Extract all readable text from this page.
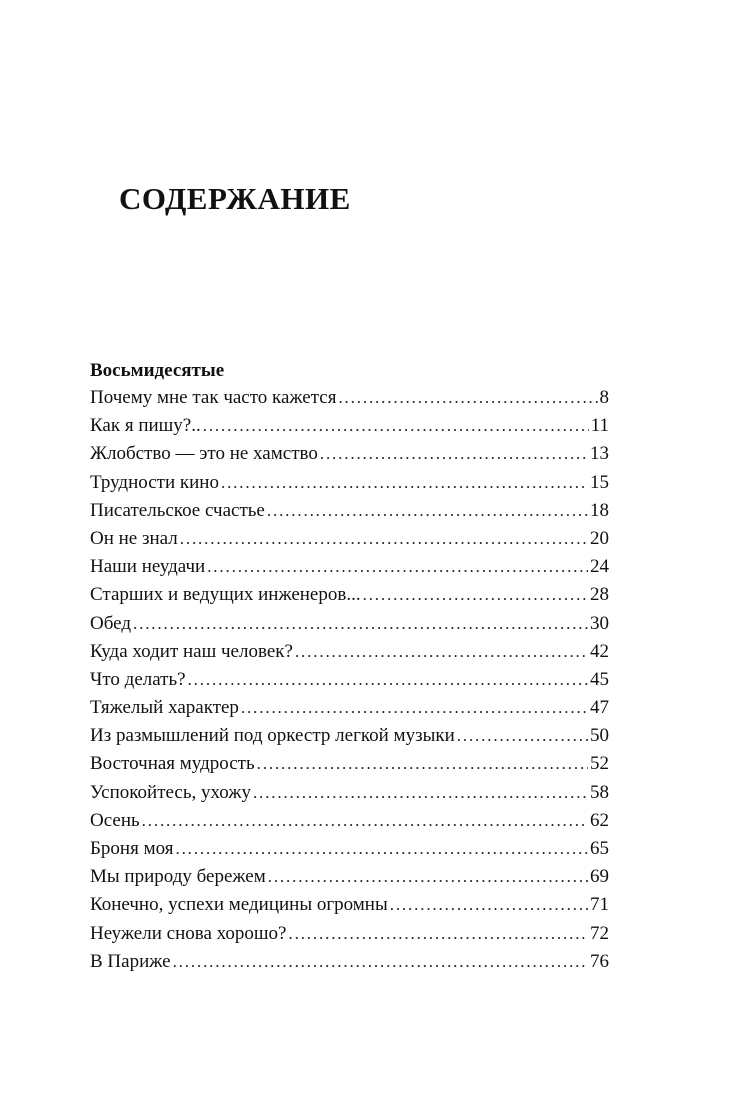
СОДЕРЖАНИЕ
Восьмидесятые
Почему мне так часто кажется . . .	8
Как я пишу?.. . . .	11
Жлобство — это не хамство . . .	13
Трудности кино . . .	15
Писательское счастье . . .	18
Он не знал . . .	20
Наши неудачи . . .	24
Старших и ведущих инженеров... . . .	28
Обед . . .	30
Куда ходит наш человек? . . .	42
Что делать? . . .	45
Тяжелый характер . . .	47
Из размышлений под оркестр легкой музыки . . .	50
Восточная мудрость . . .	52
Успокойтесь, ухожу . . .	58
Осень . . .	62
Броня моя . . .	65
Мы природу бережем . . .	69
Конечно, успехи медицины огромны . . .	71
Неужели снова хорошо? . . .	72
В Париже . . .	76
